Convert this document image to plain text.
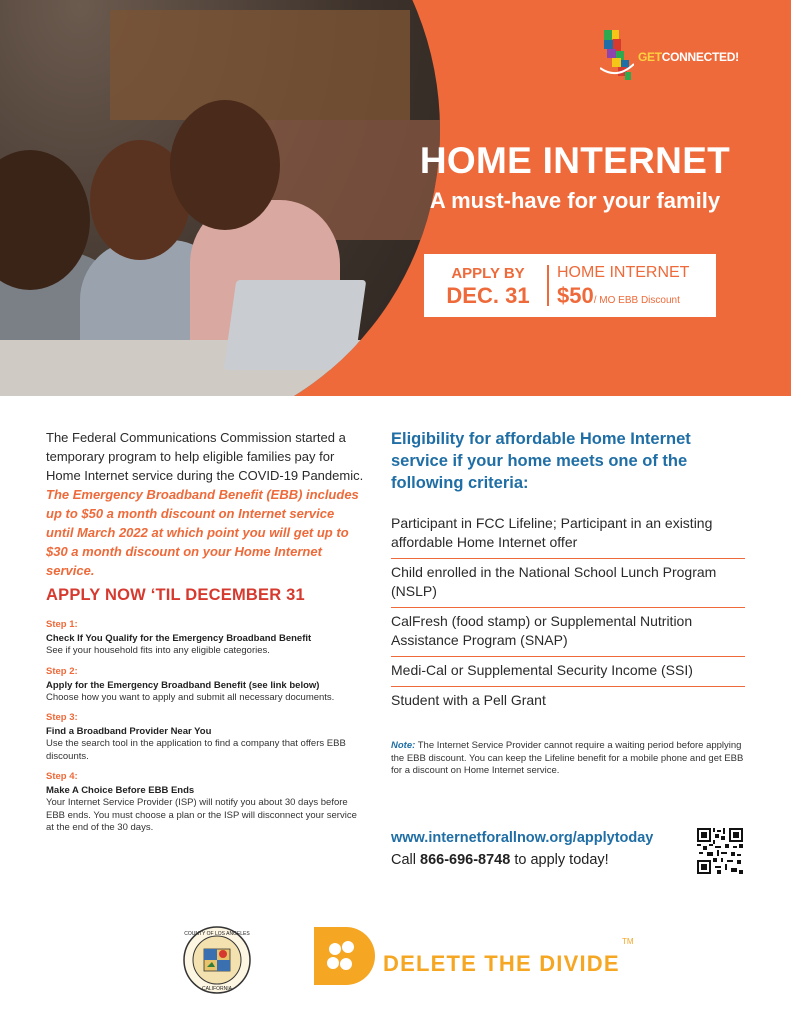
GETCONNECTED!
HOME INTERNET
A must-have for your family
APPLY BY
DEC. 31
HOME INTERNET
$50/ MO EBB Discount

The Federal Communications Commission started a temporary program to help eligible families pay for Home Internet service during the COVID-19 Pandemic. The Emergency Broadband Benefit (EBB) includes up to $50 a month discount on Internet service until March 2022 at which point you will get up to $30 a month discount on your Home Internet service.

APPLY NOW ‘TIL DECEMBER 31
Step 1:
Check If You Qualify for the Emergency Broadband Benefit
See if your household fits into any eligible categories.
Step 2:
Apply for the Emergency Broadband Benefit (see link below)
Choose how you want to apply and submit all necessary documents.
Step 3:
Find a Broadband Provider Near You
Use the search tool in the application to find a company that offers EBB discounts.
Step 4:
Make A Choice Before EBB Ends
Your Internet Service Provider (ISP) will notify you about 30 days before EBB ends. You must choose a plan or the ISP will disconnect your service at the end of the 30 days.
Eligibility for affordable Home Internet service if your home meets one of the following criteria:
Participant in FCC Lifeline; Participant in an existing affordable Home Internet offer
Child enrolled in the National School Lunch Program (NSLP)
CalFresh (food stamp) or Supplemental Nutrition Assistance Program (SNAP)
Medi-Cal or Supplemental Security Income (SSI)
Student with a Pell Grant

Note: The Internet Service Provider cannot require a waiting period before applying the EBB discount. You can keep the Lifeline benefit for a mobile phone and get EBB for a discount on Home Internet service.

www.internetforallnow.org/applytoday
Call 866-696-8748 to apply today!
COUNTY OF LOS ANGELES
CALIFORNIA
DELETE THE DIVIDE
TM
